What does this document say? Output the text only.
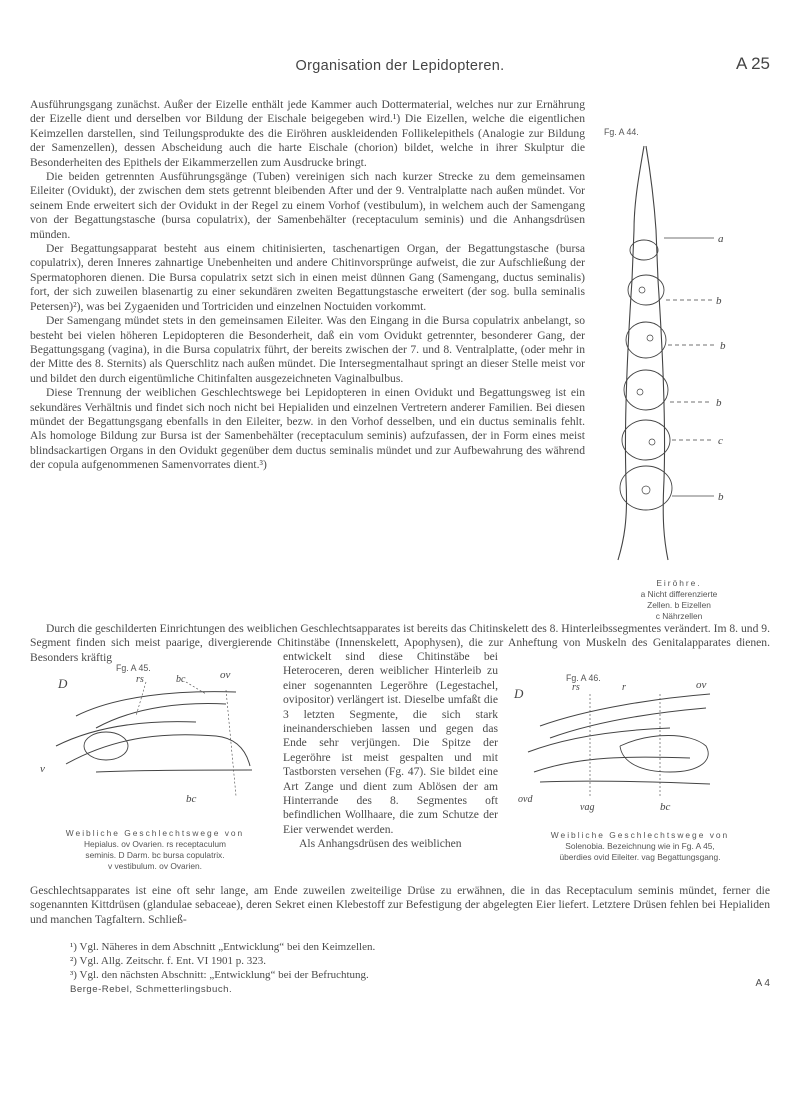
Organisation der Lepidopteren.	A 25

Ausführungsgang zunächst. Außer der Eizelle enthält jede Kammer auch Dottermaterial, welches nur zur Ernährung der Eizelle dient und derselben vor Bildung der Eischale beigegeben wird.¹) Die Eizellen, welche die eigentlichen Keimzellen darstellen, sind Teilungsprodukte des die Eiröhren auskleidenden Follikelepithels (Analogie zur Bildung der Samenzellen), dessen Abscheidung auch die harte Eischale (chorion) bildet, welche in ihrer Skulptur die Besonderheiten des Epithels der Eikammerzellen zum Ausdrucke bringt.

Die beiden getrennten Ausführungsgänge (Tuben) vereinigen sich nach kurzer Strecke zu dem gemeinsamen Eileiter (Ovidukt), der zwischen dem stets getrennt bleibenden After und der 9. Ventralplatte nach außen mündet. Vor seinem Ende erweitert sich der Ovidukt in der Regel zu einem Vorhof (vestibulum), in welchem auch der Samengang von der Begattungstasche (bursa copulatrix), der Samenbehälter (receptaculum seminis) und die Anhangsdrüsen münden.

Der Begattungsapparat besteht aus einem chitinisierten, taschenartigen Organ, der Begattungstasche (bursa copulatrix), deren Inneres zahnartige Unebenheiten und andere Chitinvorsprünge aufweist, die zur Aufschließung der Spermatophoren dienen. Die Bursa copulatrix setzt sich in einen meist dünnen Gang (Samengang, ductus seminalis) fort, der sich zuweilen blasenartig zu einer sekundären zweiten Begattungstasche erweitert (der sog. bulla seminalis Petersen)²), was bei Zygaeniden und Tortriciden und einzelnen Noctuiden vorkommt.

Der Samengang mündet stets in den gemeinsamen Eileiter. Was den Eingang in die Bursa copulatrix anbelangt, so besteht bei vielen höheren Lepidopteren die Besonderheit, daß ein vom Ovidukt getrennter, besonderer Gang, der Begattungsgang (vagina), in die Bursa copulatrix führt, der bereits zwischen der 7. und 8. Ventralplatte, (oder mehr in der Mitte des 8. Sternits) als Querschlitz nach außen mündet. Die Intersegmentalhaut springt an dieser Stelle meist vor und bildet den durch eigentümliche Chitinfalten ausgezeichneten Vaginalbulbus.

Diese Trennung der weiblichen Geschlechtswege bei Lepidopteren in einen Ovidukt und Begattungsweg ist ein sekundäres Verhältnis und findet sich noch nicht bei Hepialiden und einzelnen Vertretern anderer Familien. Bei diesen mündet der Begattungsgang ebenfalls in den Eileiter, bezw. in den Vorhof desselben, und ein ductus seminalis fehlt. Als homologe Bildung zur Bursa ist der Samenbehälter (receptaculum seminis) aufzufassen, der in Form eines meist blindsackartigen Organs in den Ovidukt gegenüber dem ductus seminalis mündet und zur Aufbewahrung des während der copula aufgenommenen Samenvorrates dient.³)

Fg. A 44.
a
b
b
b
c
b
Eiröhre.
a Nicht differenzierte
Zellen. b Eizellen
c Nährzellen

Durch die geschilderten Einrichtungen des weiblichen Geschlechtsapparates ist bereits das Chitinskelett des 8. Hinterleibssegmentes verändert. Im 8. und 9. Segment finden sich meist paarige, divergierende Chitinstäbe (Innenskelett, Apophysen), die zur Anheftung von Muskeln des Genitalapparates dienen. Besonders kräftig

Fg. A 45.
D
ov
rs	bc
v
bc
Weibliche Geschlechtswege von
Hepialus. ov Ovarien. rs receptaculum
seminis. D Darm. bc bursa copulatrix.
v vestibulum. ov Ovarien.

entwickelt sind diese Chitinstäbe bei Heteroceren, deren weiblicher Hinterleib zu einer sogenannten Legeröhre (Legestachel, ovipositor) verlängert ist. Dieselbe umfaßt die 3 letzten Segmente, die sich stark ineinanderschieben lassen und gegen das Ende sehr verjüngen. Die Spitze der Legeröhre ist meist gespalten und mit Tastborsten versehen (Fg. 47). Sie bildet eine Art Zange und dient zum Ablösen der am Hinterrande des 8. Segmentes oft befindlichen Wollhaare, die zum Schutze der Eier verwendet werden.

Als Anhangsdrüsen des weiblichen

Fg. A 46.
D	rs	r	ov
ovd
vag	bc
Weibliche Geschlechtswege von
Solenobia. Bezeichnung wie in Fg. A 45,
überdies ovid Eileiter. vag Begattungsgang.

Geschlechtsapparates ist eine oft sehr lange, am Ende zuweilen zweiteilige Drüse zu erwähnen, die in das Receptaculum seminis mündet, ferner die sogenannten Kittdrüsen (glandulae sebaceae), deren Sekret einen Klebestoff zur Befestigung der abgelegten Eier liefert. Letztere Drüsen fehlen bei Hepialiden und manchen Tagfaltern. Schließ-

¹) Vgl. Näheres in dem Abschnitt „Entwicklung“ bei den Keimzellen.
²) Vgl. Allg. Zeitschr. f. Ent. VI 1901 p. 323.
³) Vgl. den nächsten Abschnitt: „Entwicklung“ bei der Befruchtung.
Berge-Rebel, Schmetterlingsbuch.
A 4
